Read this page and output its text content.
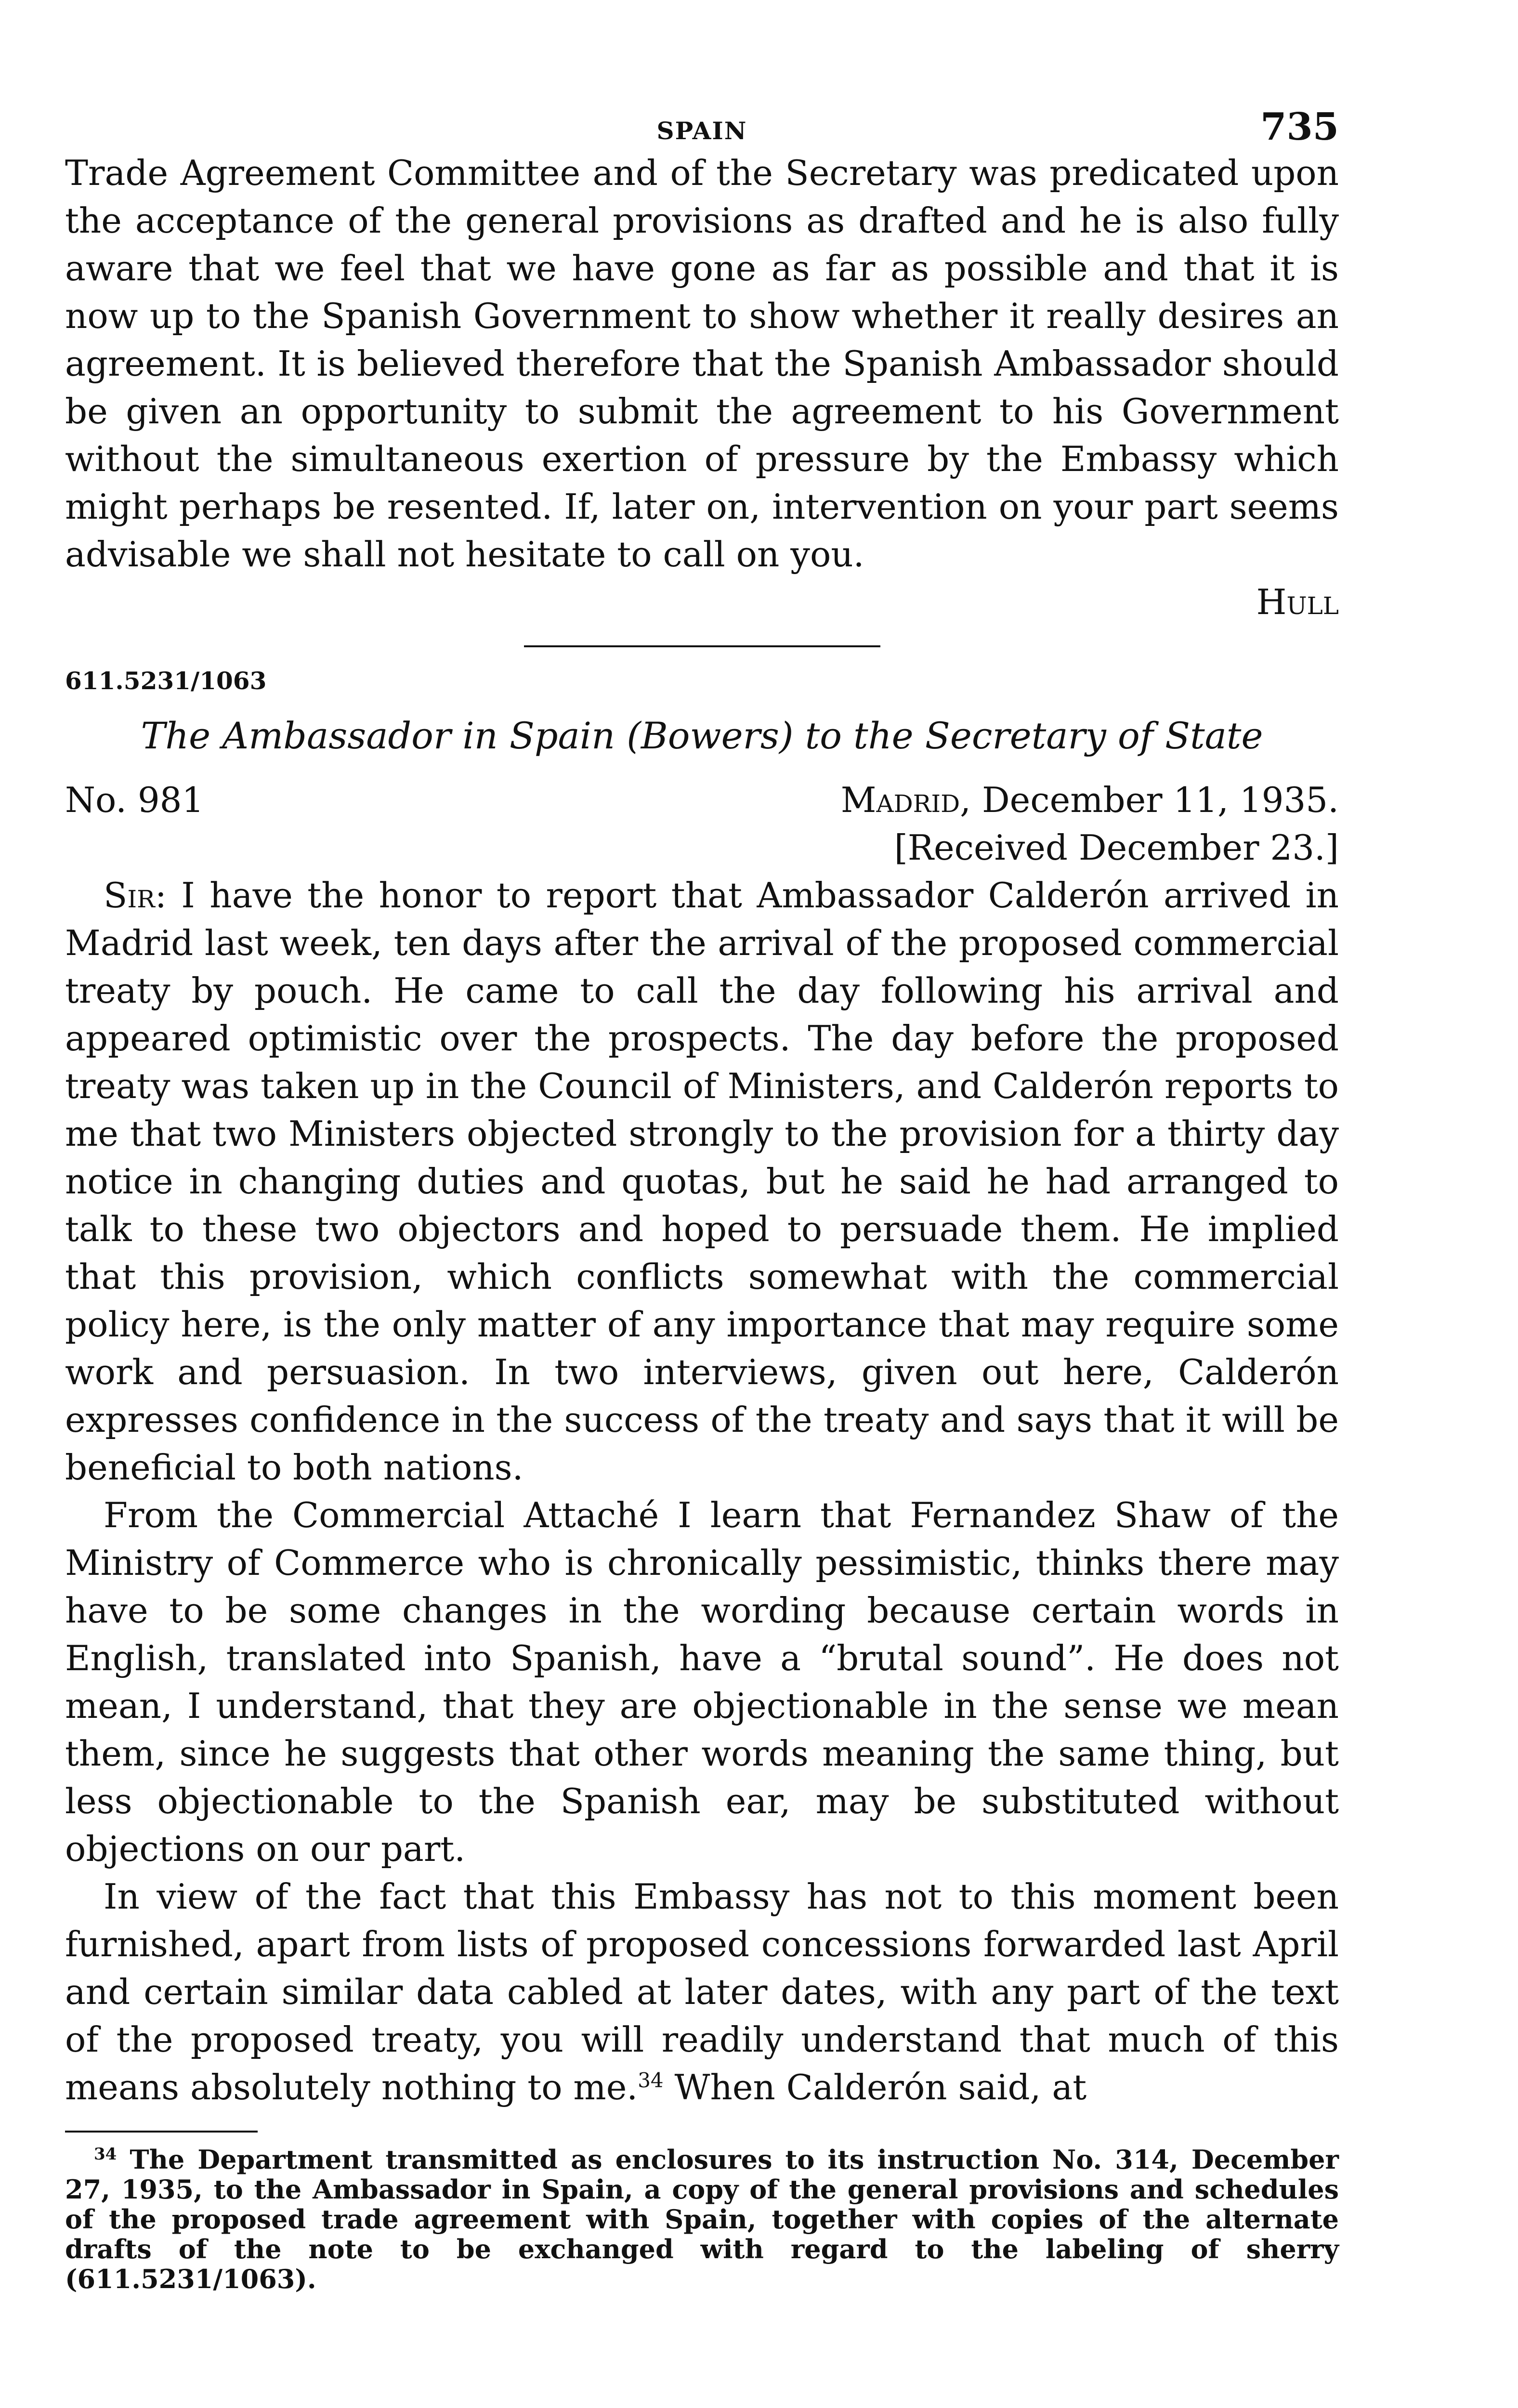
SPAIN	735

Trade Agreement Committee and of the Secretary was predicated upon the acceptance of the general provisions as drafted and he is also fully aware that we feel that we have gone as far as possible and that it is now up to the Spanish Government to show whether it really desires an agreement. It is believed therefore that the Spanish Ambassador should be given an opportunity to submit the agreement to his Government without the simultaneous exertion of pressure by the Embassy which might perhaps be resented. If, later on, intervention on your part seems advisable we shall not hesitate to call on you.

Hull
611.5231/1063
The Ambassador in Spain (Bowers) to the Secretary of State
No. 981	Madrid, December 11, 1935.
[Received December 23.]

Sir: I have the honor to report that Ambassador Calderón arrived in Madrid last week, ten days after the arrival of the proposed commercial treaty by pouch. He came to call the day following his arrival and appeared optimistic over the prospects. The day before the proposed treaty was taken up in the Council of Ministers, and Calderón reports to me that two Ministers objected strongly to the provision for a thirty day notice in changing duties and quotas, but he said he had arranged to talk to these two objectors and hoped to persuade them. He implied that this provision, which conflicts somewhat with the commercial policy here, is the only matter of any importance that may require some work and persuasion. In two interviews, given out here, Calderón expresses confidence in the success of the treaty and says that it will be beneficial to both nations.

From the Commercial Attaché I learn that Fernandez Shaw of the Ministry of Commerce who is chronically pessimistic, thinks there may have to be some changes in the wording because certain words in English, translated into Spanish, have a “brutal sound”. He does not mean, I understand, that they are objectionable in the sense we mean them, since he suggests that other words meaning the same thing, but less objectionable to the Spanish ear, may be substituted without objections on our part.

In view of the fact that this Embassy has not to this moment been furnished, apart from lists of proposed concessions forwarded last April and certain similar data cabled at later dates, with any part of the text of the proposed treaty, you will readily understand that much of this means absolutely nothing to me.$^{34}$ When Calderón said, at

$^{34}$ The Department transmitted as enclosures to its instruction No. 314, December 27, 1935, to the Ambassador in Spain, a copy of the general provisions and schedules of the proposed trade agreement with Spain, together with copies of the alternate drafts of the note to be exchanged with regard to the labeling of sherry (611.5231/1063).
